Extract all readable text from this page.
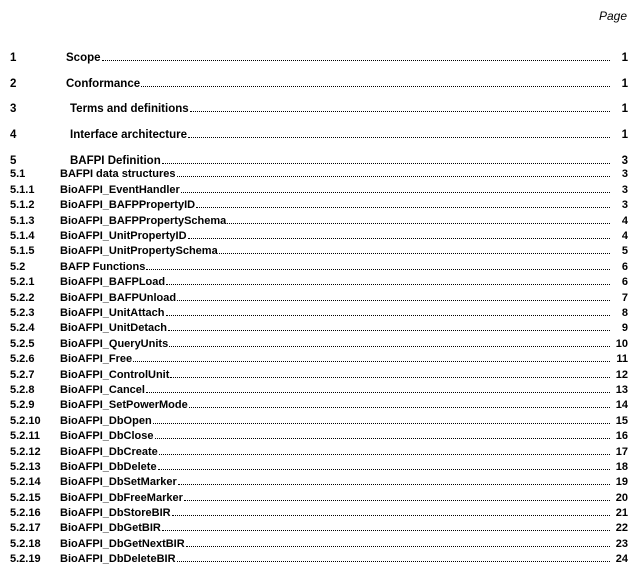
Page
1	Scope	1
2	Conformance	1
3	Terms and definitions	1
4	Interface architecture	1
5	BAFPI Definition	3
5.1	BAFPI data structures	3
5.1.1	BioAFPI_EventHandler	3
5.1.2	BioAFPI_BAFPPropertyID	3
5.1.3	BioAFPI_BAFPPropertySchema	4
5.1.4	BioAFPI_UnitPropertyID	4
5.1.5	BioAFPI_UnitPropertySchema	5
5.2	BAFP Functions	6
5.2.1	BioAFPI_BAFPLoad	6
5.2.2	BioAFPI_BAFPUnload	7
5.2.3	BioAFPI_UnitAttach	8
5.2.4	BioAFPI_UnitDetach	9
5.2.5	BioAFPI_QueryUnits	10
5.2.6	BioAFPI_Free	11
5.2.7	BioAFPI_ControlUnit	12
5.2.8	BioAFPI_Cancel	13
5.2.9	BioAFPI_SetPowerMode	14
5.2.10	BioAFPI_DbOpen	15
5.2.11	BioAFPI_DbClose	16
5.2.12	BioAFPI_DbCreate	17
5.2.13	BioAFPI_DbDelete	18
5.2.14	BioAFPI_DbSetMarker	19
5.2.15	BioAFPI_DbFreeMarker	20
5.2.16	BioAFPI_DbStoreBIR	21
5.2.17	BioAFPI_DbGetBIR	22
5.2.18	BioAFPI_DbGetNextBIR	23
5.2.19	BioAFPI_DbDeleteBIR	24
